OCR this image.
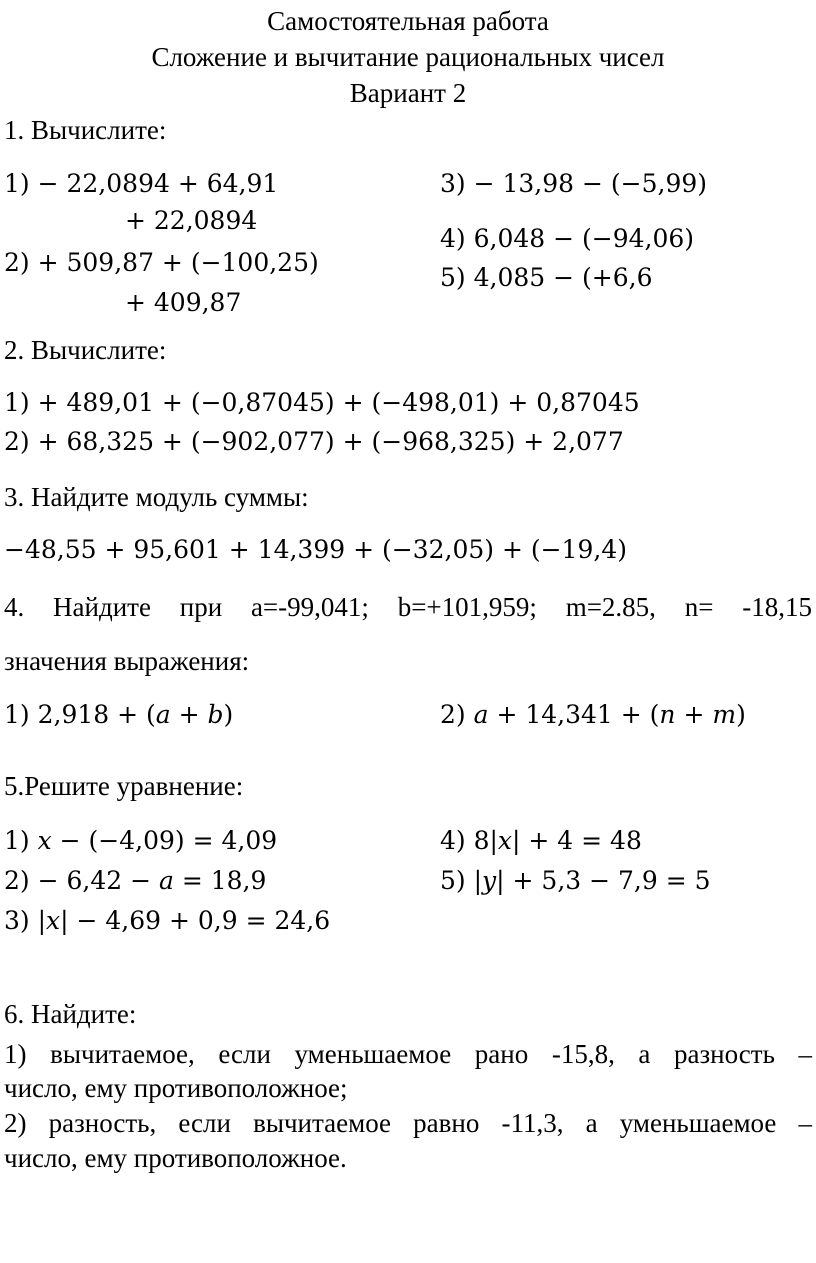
Самостоятельная работа
Сложение и вычитание рациональных чисел
Вариант 2
1. Вычислите:
1) − 22,0894 + 64,91
+ 22,0894
2) + 509,87 + (−100,25)
+ 409,87
3) − 13,98 − (−5,99)
4) 6,048 − (−94,06)
5) 4,085 − (+6,6
2. Вычислите:
1) + 489,01 + (−0,87045) + (−498,01) + 0,87045
2) + 68,325 + (−902,077) + (−968,325) + 2,077
3. Найдите модуль суммы:
−48,55 + 95,601 + 14,399 + (−32,05) + (−19,4)
4. Найдите при a=-99,041; b=+101,959; m=2.85, n= -18,15
значения выражения:
1) 2,918 + (𝑎 + 𝑏)	2) 𝑎 + 14,341 + (𝑛 + 𝑚)
5.Решите уравнение:
1) 𝑥 − (−4,09) = 4,09
2) − 6,42 − 𝑎 = 18,9
3) |𝑥| − 4,69 + 0,9 = 24,6
4) 8|𝑥| + 4 = 48
5) |𝑦| + 5,3 − 7,9 = 5
6. Найдите:
1) вычитаемое, если уменьшаемое рано -15,8, а разность –
число, ему противоположное;
2) разность, если вычитаемое равно -11,3, а уменьшаемое –
число, ему противоположное.
